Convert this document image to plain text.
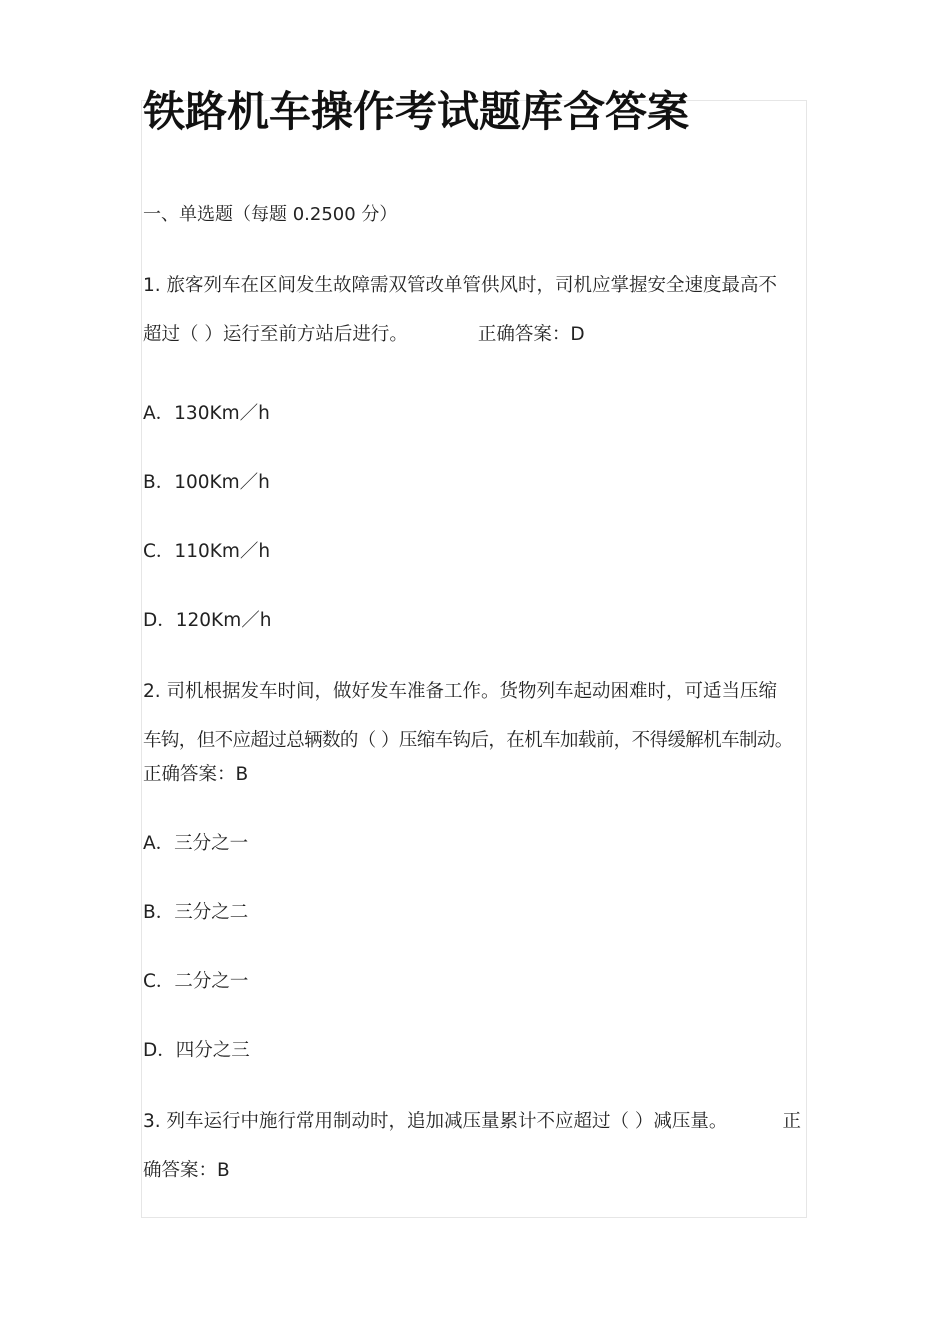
铁路机车操作考试题库含答案
一、单选题（每题 0.2500 分）
1. 旅客列车在区间发生故障需双管改单管供风时，司机应掌握安全速度最高不
超过（ ）运行至前方站后进行。	正确答案：D
A．130Km／h
B．100Km／h
C．110Km／h
D．120Km／h
2. 司机根据发车时间，做好发车准备工作。货物列车起动困难时，可适当压缩
车钩，但不应超过总辆数的（ ）压缩车钩后，在机车加载前，不得缓解机车制动。
正确答案：B
A．三分之一
B．三分之二
C．二分之一
D．四分之三
3. 列车运行中施行常用制动时，追加减压量累计不应超过（ ）减压量。	正
确答案：B
